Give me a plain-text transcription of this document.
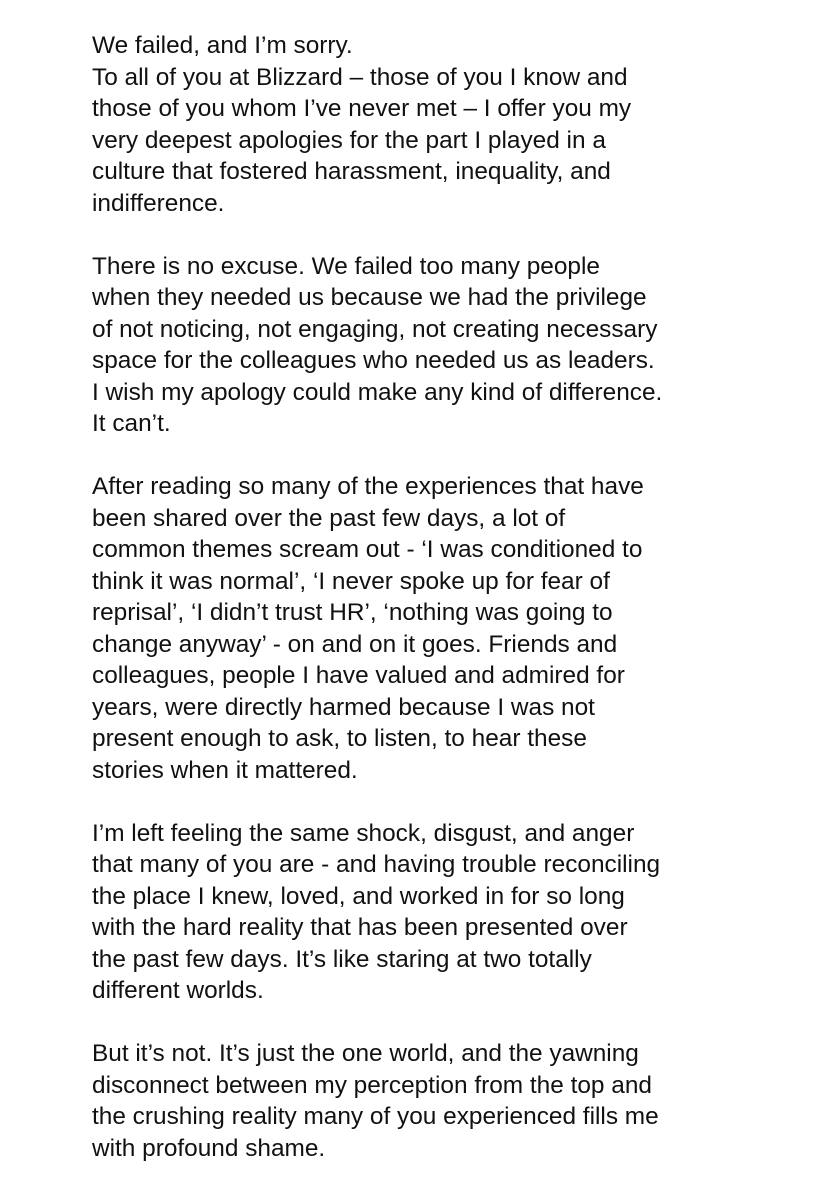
We failed, and I’m sorry.
To all of you at Blizzard – those of you I know and
those of you whom I’ve never met – I offer you my
very deepest apologies for the part I played in a
culture that fostered harassment, inequality, and
indifference.
There is no excuse. We failed too many people
when they needed us because we had the privilege
of not noticing, not engaging, not creating necessary
space for the colleagues who needed us as leaders.
I wish my apology could make any kind of difference.
It can’t.
After reading so many of the experiences that have
been shared over the past few days, a lot of
common themes scream out - ‘I was conditioned to
think it was normal’, ‘I never spoke up for fear of
reprisal’, ‘I didn’t trust HR’, ‘nothing was going to
change anyway’ - on and on it goes. Friends and
colleagues, people I have valued and admired for
years, were directly harmed because I was not
present enough to ask, to listen, to hear these
stories when it mattered.
I’m left feeling the same shock, disgust, and anger
that many of you are - and having trouble reconciling
the place I knew, loved, and worked in for so long
with the hard reality that has been presented over
the past few days. It’s like staring at two totally
different worlds.
But it’s not. It’s just the one world, and the yawning
disconnect between my perception from the top and
the crushing reality many of you experienced fills me
with profound shame.
